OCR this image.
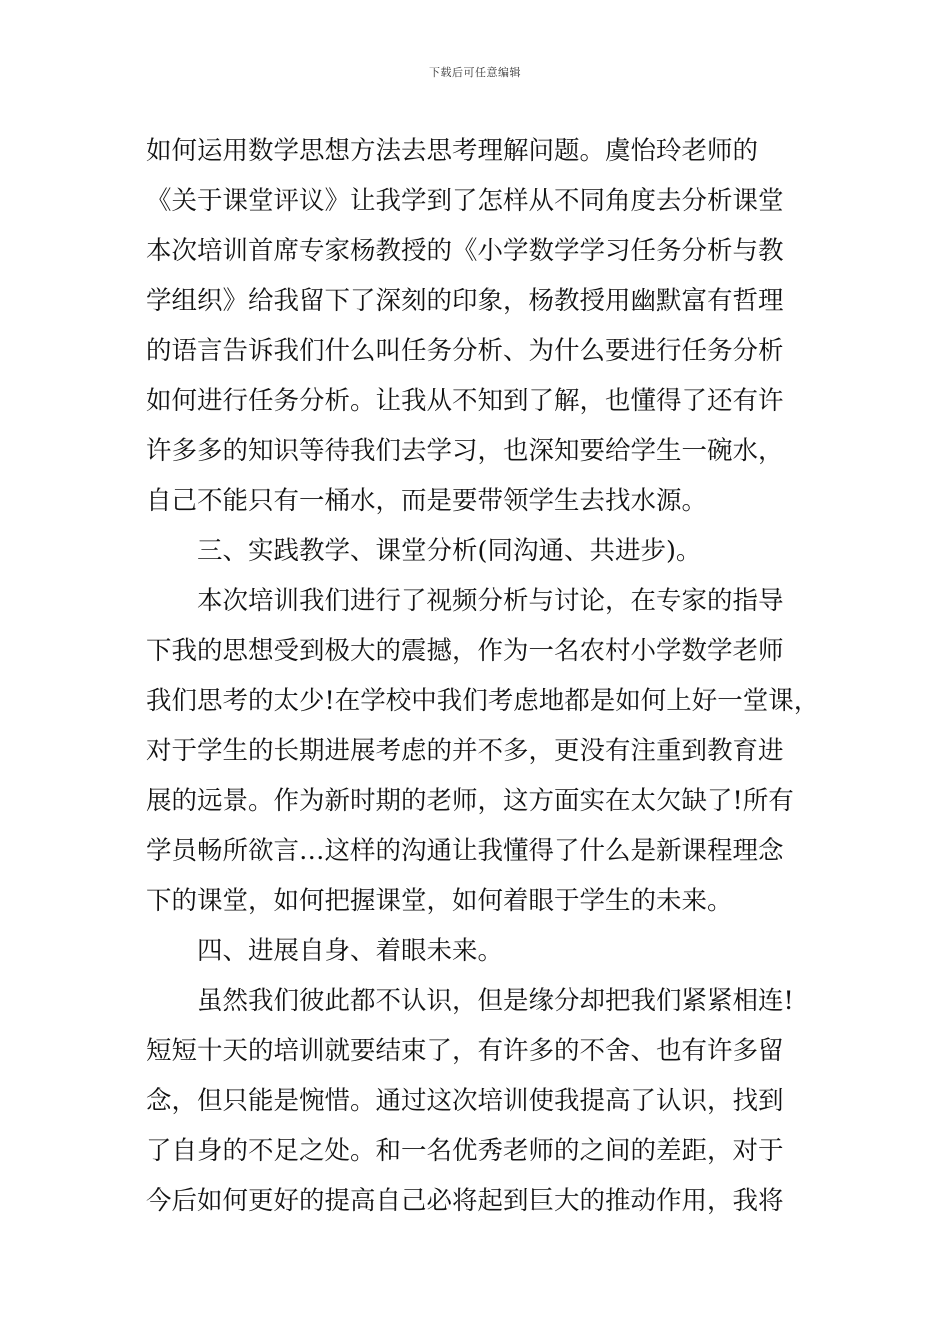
下载后可任意编辑
如何运用数学思想方法去思考理解问题。虞怡玲老师的
《关于课堂评议》让我学到了怎样从不同角度去分析课堂
本次培训首席专家杨教授的《小学数学学习任务分析与教
学组织》给我留下了深刻的印象，杨教授用幽默富有哲理
的语言告诉我们什么叫任务分析、为什么要进行任务分析
如何进行任务分析。让我从不知到了解，也懂得了还有许
许多多的知识等待我们去学习，也深知要给学生一碗水，
自己不能只有一桶水，而是要带领学生去找水源。
三、实践教学、课堂分析(同沟通、共进步)。
本次培训我们进行了视频分析与讨论，在专家的指导
下我的思想受到极大的震撼，作为一名农村小学数学老师
我们思考的太少!在学校中我们考虑地都是如何上好一堂课，
对于学生的长期进展考虑的并不多，更没有注重到教育进
展的远景。作为新时期的老师，这方面实在太欠缺了!所有
学员畅所欲言…这样的沟通让我懂得了什么是新课程理念
下的课堂，如何把握课堂，如何着眼于学生的未来。
四、进展自身、着眼未来。
虽然我们彼此都不认识，但是缘分却把我们紧紧相连!
短短十天的培训就要结束了，有许多的不舍、也有许多留
念，但只能是惋惜。通过这次培训使我提高了认识，找到
了自身的不足之处。和一名优秀老师的之间的差距，对于
今后如何更好的提高自己必将起到巨大的推动作用，我将
